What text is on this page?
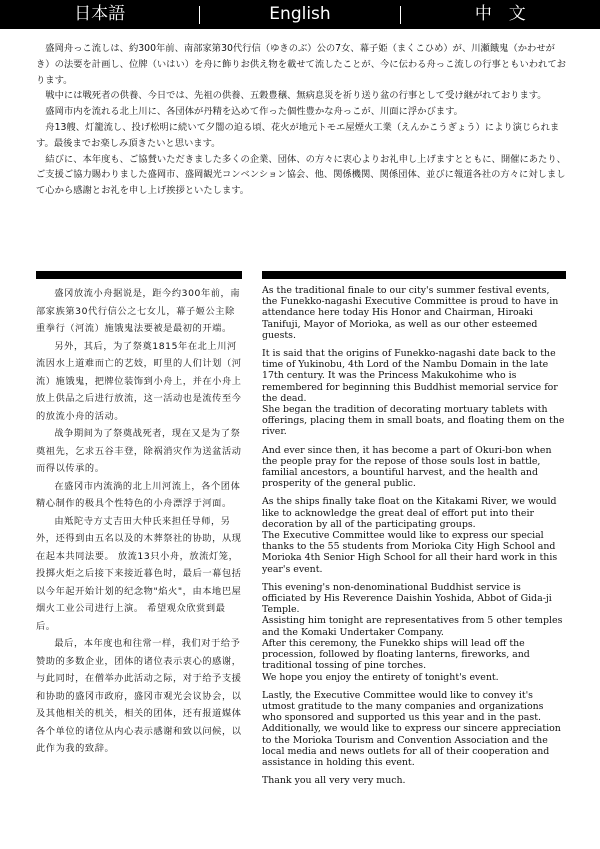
日本語	English	中　文

盛岡舟っこ流しは、約300年前、南部家第30代行信（ゆきのぶ）公の7女、幕子姫（まくこひめ）が、川瀬餓鬼（かわせがき）の法要を計画し、位牌（いはい）を舟に飾りお供え物を載せて流したことが、今に伝わる舟っこ流しの行事ともいわれております。

戦中には戦死者の供養、今日では、先祖の供養、五穀豊穣、無病息災を祈り送り盆の行事として受け継がれております。

盛岡市内を流れる北上川に、各団体が丹精を込めて作った個性豊かな舟っこが、川面に浮かびます。

舟13艘、灯籠流し、投げ松明に続いて夕闇の迫る頃、花火が地元トモエ屋煙火工業（えんかこうぎょう）により演じられます。最後までお楽しみ頂きたいと思います。

結びに、本年度も、ご協賛いただきました多くの企業、団体、の方々に衷心よりお礼申し上げますとともに、開催にあたり、ご支援ご協力賜わりました盛岡市、盛岡観光コンベンション協会、他、関係機関、関係団体、並びに報道各社の方々に対しまして心から感謝とお礼を申し上げ挨拶といたします。

盛冈放流小舟据说是，距今约300年前，南部家族第30代行信公之七女儿，幕子姬公主除重拳行（河流）施饿鬼法要被是最初的开端。

另外，其后，为了祭奠1815年在北上川河流因水上道难而亡的艺妓，町里的人们计划（河流）施饿鬼，把牌位装饰到小舟上，并在小舟上放上供品之后进行放流，这一活动也是流传至今的放流小舟的活动。

战争期间为了祭奠战死者，现在又是为了祭奠祖先，乞求五谷丰登，除祸消灾作为送盆活动而得以传承的。

在盛冈市内流淌的北上川河流上，各个团体精心制作的极具个性特色的小舟漂浮于河面。

由羝陀寺方丈吉田大仲氏来担任导师，另外，还得到由五名以及的木葬祭社的协助，从现在起本共同法要。 放流13只小舟，放流灯笼，投掷火炬之后接下来接近暮色时，最后一幕包括以今年起开始计划的纪念物"焰火"，由本地巴屋烟火工业公司进行上演。 希望观众欣赏到最后。

最后，本年度也和往常一样，我们对于给予赞助的多数企业，团体的诸位表示衷心的感谢，与此同时，在僧举办此活动之际，对于给予支援和协助的盛冈市政府，盛冈市观光会议协会，以及其他相关的机关，相关的团体，还有报道媒体各个单位的诸位从内心表示感谢和致以问候，以此作为我的致辞。

As the traditional finale to our city's summer festival events, the Funekko-nagashi Executive Committee is proud to have in attendance here today His Honor and Chairman, Hiroaki Tanifuji, Mayor of Morioka, as well as our other esteemed guests.

It is said that the origins of Funekko-nagashi date back to the time of Yukinobu, 4th Lord of the Nambu Domain in the late 17th century. It was the Princess Makukohime who is remembered for beginning this Buddhist memorial service for the dead.

She began the tradition of decorating mortuary tablets with offerings, placing them in small boats, and floating them on the river.

And ever since then, it has become a part of Okuri-bon when the people pray for the repose of those souls lost in battle, familial ancestors, a bountiful harvest, and the health and prosperity of the general public.

As the ships finally take float on the Kitakami River, we would like to acknowledge the great deal of effort put into their decoration by all of the participating groups.

The Executive Committee would like to express our special thanks to the 55 students from Morioka City High School and Morioka 4th Senior High School for all their hard work in this year's event.

This evening's non-denominational Buddhist service is officiated by His Reverence Daishin Yoshida, Abbot of Gida-ji Temple.

Assisting him tonight are representatives from 5 other temples and the Komaki Undertaker Company.

After this ceremony, the Funekko ships will lead off the procession, followed by floating lanterns, fireworks, and traditional tossing of pine torches.

We hope you enjoy the entirety of tonight's event.

Lastly, the Executive Committee would like to convey it's utmost gratitude to the many companies and organizations who sponsored and supported us this year and in the past.

Additionally, we would like to express our sincere appreciation to the Morioka Tourism and Convention Association and the local media and news outlets for all of their cooperation and assistance in holding this event.

Thank you all very very much.
